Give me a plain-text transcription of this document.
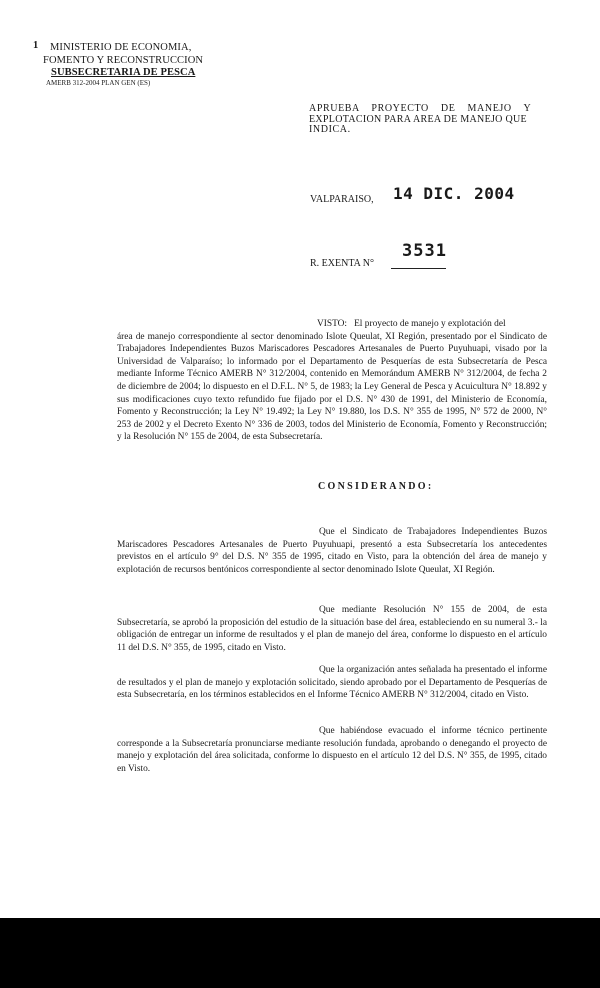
1 MINISTERIO DE ECONOMIA,
FOMENTO Y RECONSTRUCCION
SUBSECRETARIA DE PESCA
AMERB 312-2004 PLAN GEN (ES)
APRUEBA PROYECTO DE MANEJO Y
EXPLOTACION PARA AREA DE MANEJO QUE
INDICA.
VALPARAISO, 14 DIC. 2004
R. EXENTA N°
3531

VISTO: El proyecto de manejo y explotación del

área de manejo correspondiente al sector denominado Islote Queulat, XI Región, presentado por el Sindicato de Trabajadores Independientes Buzos Mariscadores Pescadores Artesanales de Puerto Puyuhuapi, visado por la Universidad de Valparaíso; lo informado por el Departamento de Pesquerías de esta Subsecretaría de Pesca mediante Informe Técnico AMERB N° 312/2004, contenido en Memorándum AMERB N° 312/2004, de fecha 2 de diciembre de 2004; lo dispuesto en el D.F.L. N° 5, de 1983; la Ley General de Pesca y Acuicultura N° 18.892 y sus modificaciones cuyo texto refundido fue fijado por el D.S. N° 430 de 1991, del Ministerio de Economía, Fomento y Reconstrucción; la Ley N° 19.492; la Ley N° 19.880, los D.S. N° 355 de 1995, N° 572 de 2000, N° 253 de 2002 y el Decreto Exento N° 336 de 2003, todos del Ministerio de Economía, Fomento y Reconstrucción; y la Resolución N° 155 de 2004, de esta Subsecretaría.

CONSIDERANDO:

Que el Sindicato de Trabajadores Independientes Buzos Mariscadores Pescadores Artesanales de Puerto Puyuhuapi, presentó a esta Subsecretaría los antecedentes previstos en el artículo 9° del D.S. N° 355 de 1995, citado en Visto, para la obtención del área de manejo y explotación de recursos bentónicos correspondiente al sector denominado Islote Queulat, XI Región.

Que mediante Resolución N° 155 de 2004, de esta Subsecretaría, se aprobó la proposición del estudio de la situación base del área, estableciendo en su numeral 3.- la obligación de entregar un informe de resultados y el plan de manejo del área, conforme lo dispuesto en el artículo 11 del D.S. N° 355, de 1995, citado en Visto.

Que la organización antes señalada ha presentado el informe de resultados y el plan de manejo y explotación solicitado, siendo aprobado por el Departamento de Pesquerías de esta Subsecretaría, en los términos establecidos en el Informe Técnico AMERB N° 312/2004, citado en Visto.

Que habiéndose evacuado el informe técnico pertinente corresponde a la Subsecretaría pronunciarse mediante resolución fundada, aprobando o denegando el proyecto de manejo y explotación del área solicitada, conforme lo dispuesto en el artículo 12 del D.S. N° 355, de 1995, citado en Visto.
